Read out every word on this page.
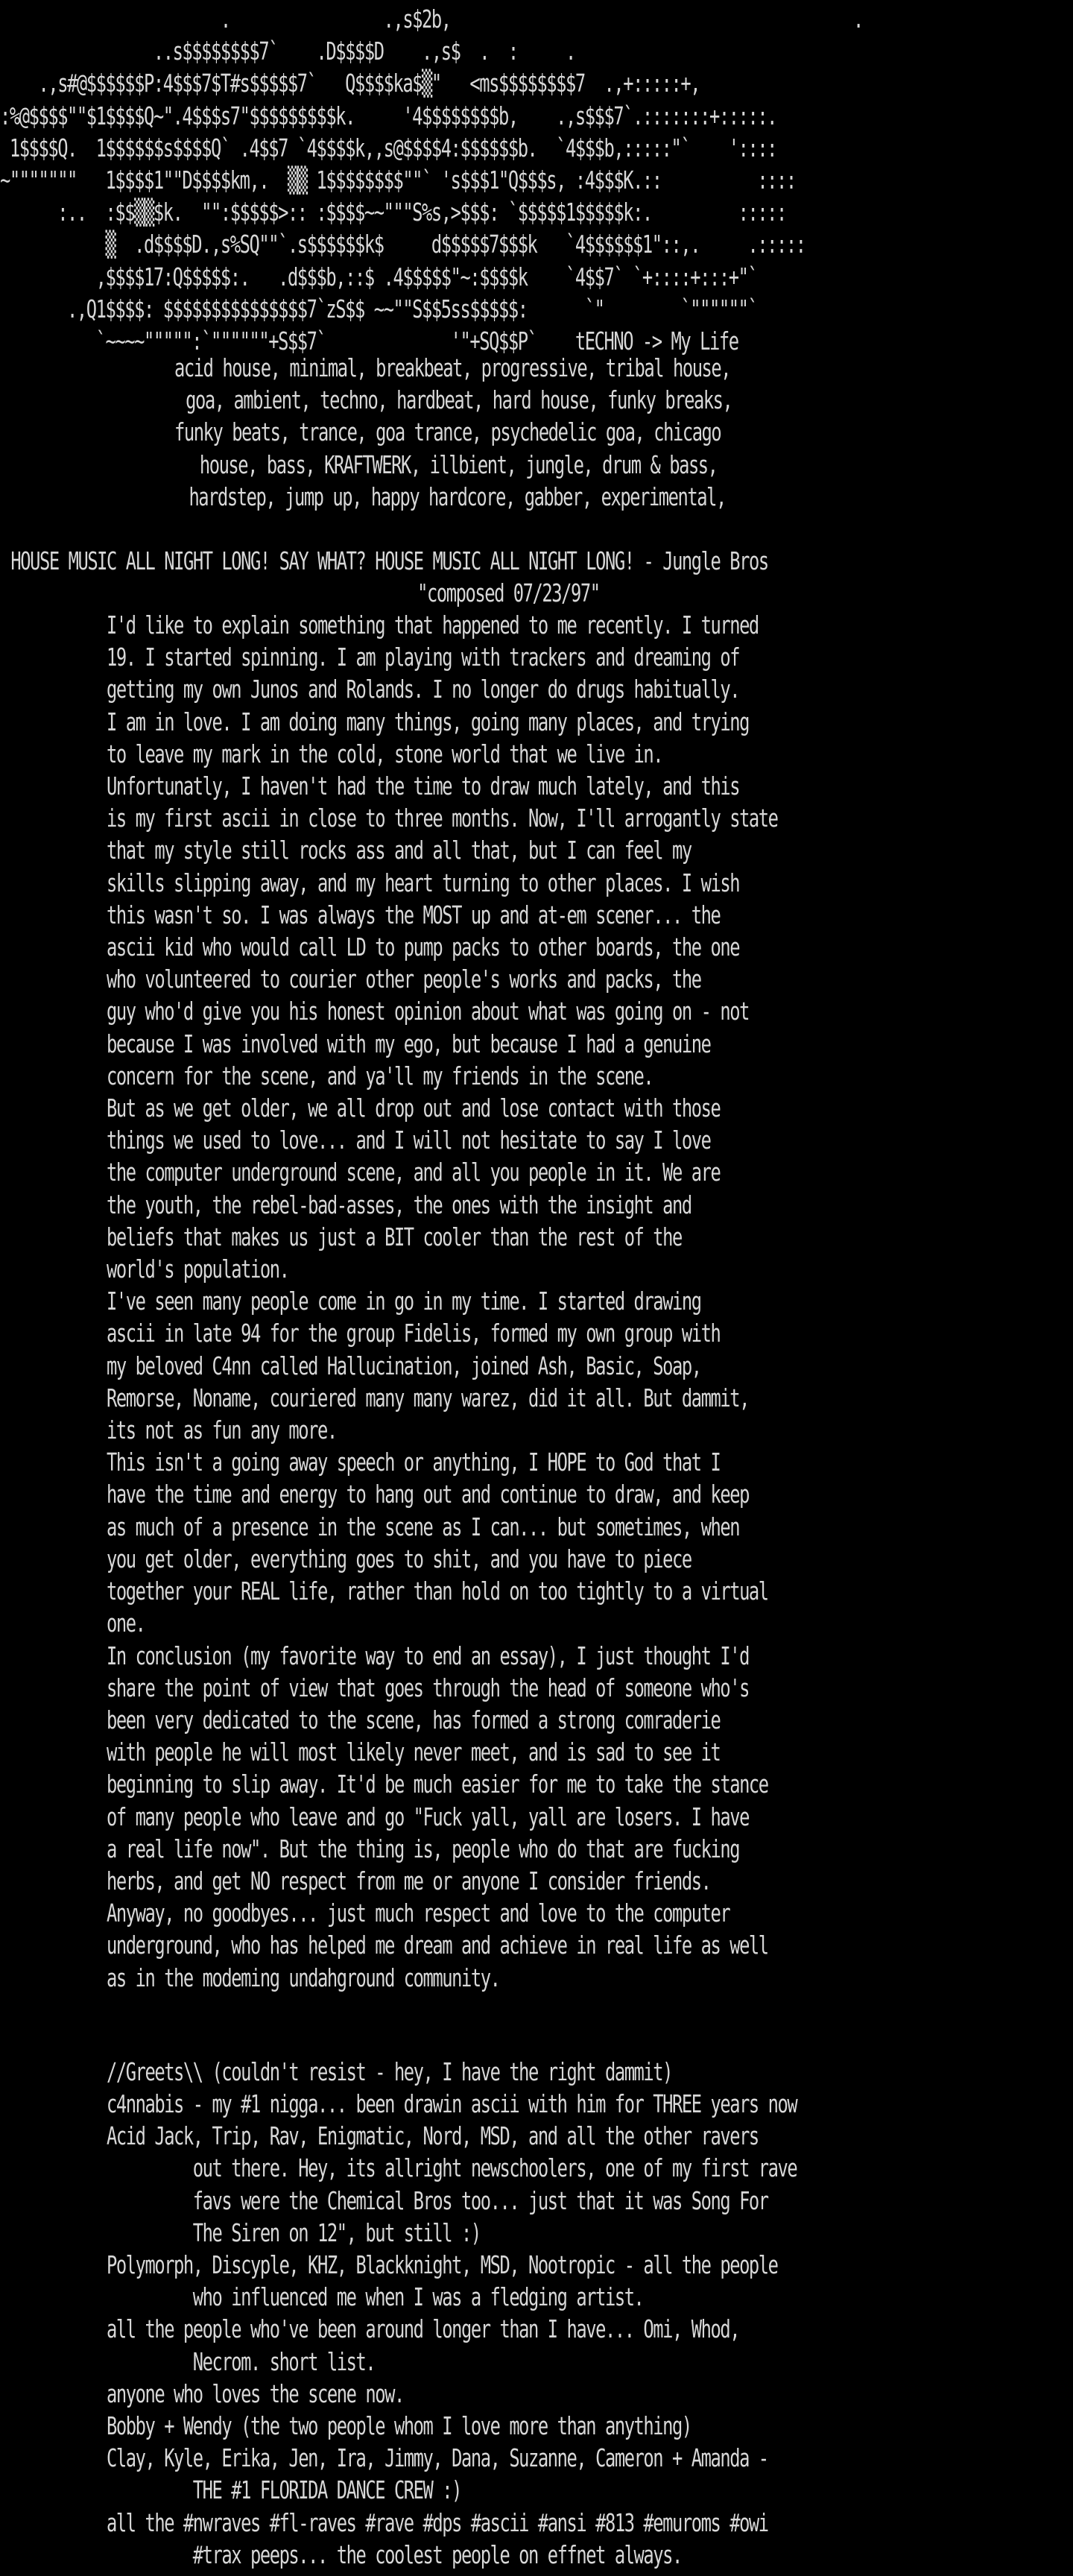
.                .,s$2b,                                          .
..s$$$$$$$$7`    .D$$$$D    .,s$  .  :     .
.,s#@$$$$$$P:4$$$7$T#s$$$$$7`   Q$$$$ka$▒"   <ms$$$$$$$$7  .,+:::::+,
:%@$$$$""$1$$$$Q~".4$$$s7"$$$$$$$$$k.     '4$$$$$$$$b,    .,s$$$7`.:::::::+:::::.
1$$$$Q.  1$$$$$$s$$$$Q` .4$$7 `4$$$$k,,s@$$$$4:$$$$$$b.  `4$$$b,:::::"`    '::::
~"""""""   1$$$$1""D$$$$km,.  ▒▒ 1$$$$$$$$""` 's$$$1"Q$$$s, :4$$$K.::          ::::
:..  :$$▒▒$k.  "":$$$$$>:: :$$$$~~"""S%s,>$$$: `$$$$$1$$$$$k:.         :::::
▒  .d$$$$D.,s%SQ""`.s$$$$$$k$     d$$$$$7$$$k   `4$$$$$$1"::,.     .:::::
,$$$$17:Q$$$$$:.   .d$$$b,::$ .4$$$$$"~:$$$$k    `4$$7` `+::::+:::+"`
.,Q1$$$$: $$$$$$$$$$$$$$$7`zS$$ ~~""S$$5ss$$$$$:      `"        `""""""`
`~~~~""""":`""""""+S$$7`             '"+SQ$$P`    tECHNO -> My Life
acid house, minimal, breakbeat, progressive, tribal house,
goa, ambient, techno, hardbeat, hard house, funky breaks,
funky beats, trance, goa trance, psychedelic goa, chicago
house, bass, KRAFTWERK, illbient, jungle, drum & bass,
hardstep, jump up, happy hardcore, gabber, experimental,
HOUSE MUSIC ALL NIGHT LONG! SAY WHAT? HOUSE MUSIC ALL NIGHT LONG! - Jungle Bros
"composed 07/23/97"
I'd like to explain something that happened to me recently. I turned
19. I started spinning. I am playing with trackers and dreaming of
getting my own Junos and Rolands. I no longer do drugs habitually.
I am in love. I am doing many things, going many places, and trying
to leave my mark in the cold, stone world that we live in.
Unfortunatly, I haven't had the time to draw much lately, and this
is my first ascii in close to three months. Now, I'll arrogantly state
that my style still rocks ass and all that, but I can feel my
skills slipping away, and my heart turning to other places. I wish
this wasn't so. I was always the MOST up and at-em scener... the
ascii kid who would call LD to pump packs to other boards, the one
who volunteered to courier other people's works and packs, the
guy who'd give you his honest opinion about what was going on - not
because I was involved with my ego, but because I had a genuine
concern for the scene, and ya'll my friends in the scene.
But as we get older, we all drop out and lose contact with those
things we used to love... and I will not hesitate to say I love
the computer underground scene, and all you people in it. We are
the youth, the rebel-bad-asses, the ones with the insight and
beliefs that makes us just a BIT cooler than the rest of the
world's population.
I've seen many people come in go in my time. I started drawing
ascii in late 94 for the group Fidelis, formed my own group with
my beloved C4nn called Hallucination, joined Ash, Basic, Soap,
Remorse, Noname, couriered many many warez, did it all. But dammit,
its not as fun any more.
This isn't a going away speech or anything, I HOPE to God that I
have the time and energy to hang out and continue to draw, and keep
as much of a presence in the scene as I can... but sometimes, when
you get older, everything goes to shit, and you have to piece
together your REAL life, rather than hold on too tightly to a virtual
one.
In conclusion (my favorite way to end an essay), I just thought I'd
share the point of view that goes through the head of someone who's
been very dedicated to the scene, has formed a strong comraderie
with people he will most likely never meet, and is sad to see it
beginning to slip away. It'd be much easier for me to take the stance
of many people who leave and go "Fuck yall, yall are losers. I have
a real life now". But the thing is, people who do that are fucking
herbs, and get NO respect from me or anyone I consider friends.
Anyway, no goodbyes... just much respect and love to the computer
underground, who has helped me dream and achieve in real life as well
as in the modeming undahground community.
//Greets\\ (couldn't resist - hey, I have the right dammit)
c4nnabis - my #1 nigga... been drawin ascii with him for THREE years now
Acid Jack, Trip, Rav, Enigmatic, Nord, MSD, and all the other ravers
out there. Hey, its allright newschoolers, one of my first rave
favs were the Chemical Bros too... just that it was Song For
The Siren on 12", but still :)
Polymorph, Discyple, KHZ, Blackknight, MSD, Nootropic - all the people
who influenced me when I was a fledging artist.
all the people who've been around longer than I have... Omi, Whod,
Necrom. short list.
anyone who loves the scene now.
Bobby + Wendy (the two people whom I love more than anything)
Clay, Kyle, Erika, Jen, Ira, Jimmy, Dana, Suzanne, Cameron + Amanda -
THE #1 FLORIDA DANCE CREW :)
all the #nwraves #fl-raves #rave #dps #ascii #ansi #813 #emuroms #owi
#trax peeps... the coolest people on effnet always.
